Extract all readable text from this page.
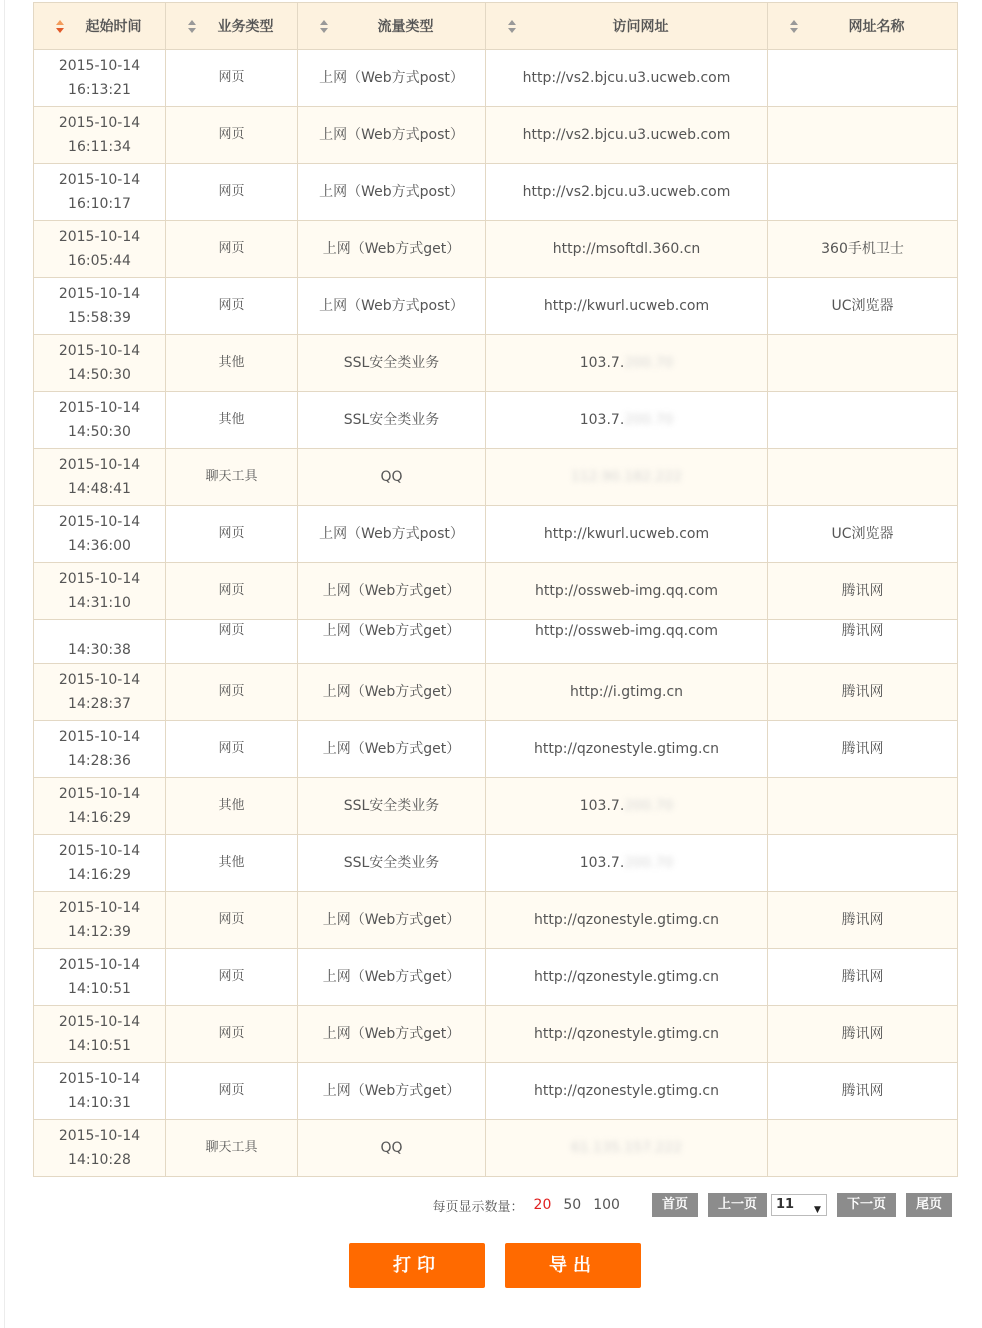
起始时间	业务类型	流量类型	访问网址	网址名称

2015-10-14
16:13:21	网页	上网（Web方式post）	http://vs2.bjcu.u3.ucweb.com	

2015-10-14
16:11:34	网页	上网（Web方式post）	http://vs2.bjcu.u3.ucweb.com	

2015-10-14
16:10:17	网页	上网（Web方式post）	http://vs2.bjcu.u3.ucweb.com	

2015-10-14
16:05:44	网页	上网（Web方式get）	http://msoftdl.360.cn	360手机卫士

2015-10-14
15:58:39	网页	上网（Web方式post）	http://kwurl.ucweb.com	UC浏览器

2015-10-14
14:50:30	其他	SSL安全类业务	103.7.200.70	

2015-10-14
14:50:30	其他	SSL安全类业务	103.7.200.70	

2015-10-14
14:48:41	聊天工具	QQ	112.90.182.222	

2015-10-14
14:36:00	网页	上网（Web方式post）	http://kwurl.ucweb.com	UC浏览器

2015-10-14
14:31:10	网页	上网（Web方式get）	http://ossweb-img.qq.com	腾讯网

14:30:38	网页	上网（Web方式get）	http://ossweb-img.qq.com	腾讯网

2015-10-14
14:28:37	网页	上网（Web方式get）	http://i.gtimg.cn	腾讯网

2015-10-14
14:28:36	网页	上网（Web方式get）	http://qzonestyle.gtimg.cn	腾讯网

2015-10-14
14:16:29	其他	SSL安全类业务	103.7.200.70	

2015-10-14
14:16:29	其他	SSL安全类业务	103.7.200.70	

2015-10-14
14:12:39	网页	上网（Web方式get）	http://qzonestyle.gtimg.cn	腾讯网

2015-10-14
14:10:51	网页	上网（Web方式get）	http://qzonestyle.gtimg.cn	腾讯网

2015-10-14
14:10:51	网页	上网（Web方式get）	http://qzonestyle.gtimg.cn	腾讯网

2015-10-14
14:10:31	网页	上网（Web方式get）	http://qzonestyle.gtimg.cn	腾讯网

2015-10-14
14:10:28	聊天工具	QQ	61.135.157.222	
每页显示数量： 20 50 100	首页	上一页	11 ▼	下一页	尾页
打印	导出
